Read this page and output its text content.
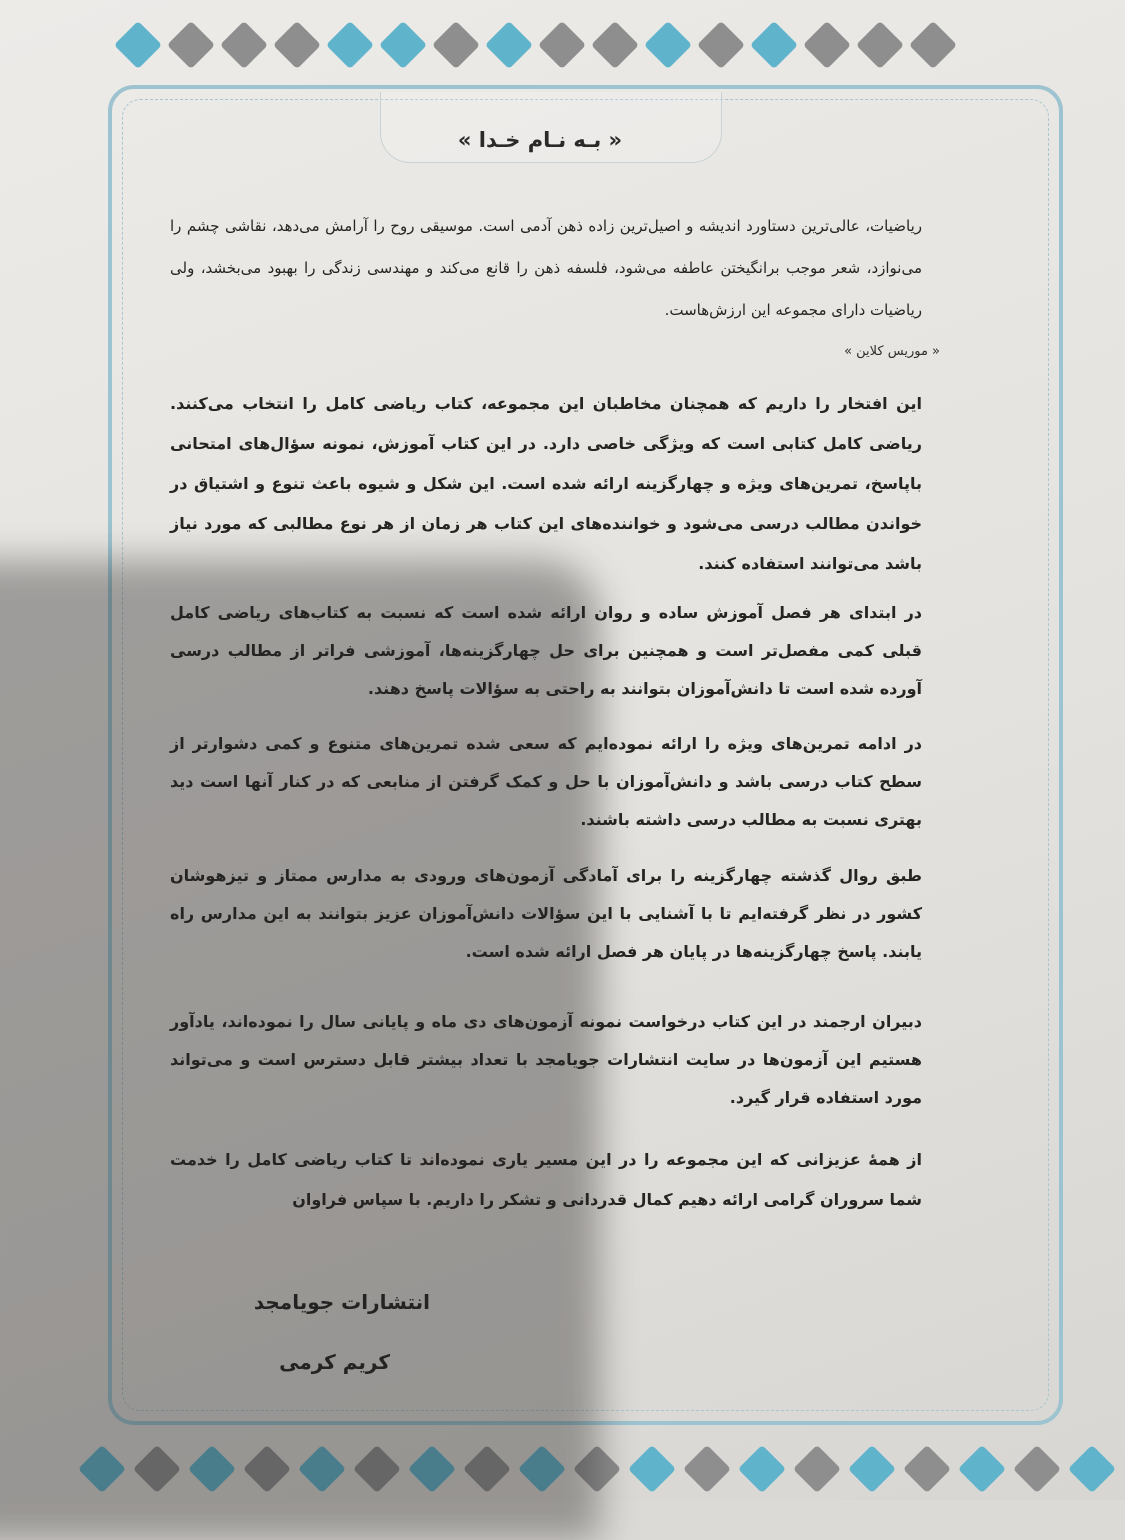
« بـه نـام خـدا »
ریاضیات، عالی‌ترین دستاورد اندیشه و اصیل‌ترین زاده ذهن آدمی است. موسیقی روح را آرامش می‌دهد، نقاشی چشم را می‌نوازد، شعر موجب برانگیختن عاطفه می‌شود، فلسفه ذهن را قانع می‌کند و مهندسی زندگی را بهبود می‌بخشد، ولی ریاضیات دارای مجموعه این ارزش‌هاست.
« موریس کلاین »
این افتخار را داریم که همچنان مخاطبان این مجموعه، کتاب ریاضی کامل را انتخاب می‌کنند. ریاضی کامل کتابی است که ویژگی خاصی دارد. در این کتاب آموزش، نمونه سؤال‌های امتحانی باپاسخ، تمرین‌های ویژه و چهارگزینه ارائه شده است. این شکل و شیوه باعث تنوع و اشتیاق در خواندن مطالب درسی می‌شود و خوانندەهای این کتاب هر زمان از هر نوع مطالبی که مورد نیاز باشد می‌توانند استفاده کنند.
در ابتدای هر فصل آموزش ساده و روان ارائه شده است که نسبت به کتاب‌های ریاضی کامل قبلی کمی مفصل‌تر است و همچنین برای حل چهارگزینه‌ها، آموزشی فراتر از مطالب درسی آورده شده است تا دانش‌آموزان بتوانند به راحتی به سؤالات پاسخ دهند.
در ادامه تمرین‌های ویژه را ارائه نموده‌ایم که سعی شده تمرین‌های متنوع و کمی دشوارتر از سطح کتاب درسی باشد و دانش‌آموزان با حل و کمک گرفتن از منابعی که در کنار آنها است دید بهتری نسبت به مطالب درسی داشته باشند.
طبق روال گذشته چهارگزینه را برای آمادگی آزمون‌های ورودی به مدارس ممتاز و تیزهوشان کشور در نظر گرفته‌ایم تا با آشنایی با این سؤالات دانش‌آموزان عزیز بتوانند به این مدارس راه یابند. پاسخ چهارگزینه‌ها در پایان هر فصل ارائه شده است.
دبیران ارجمند در این کتاب درخواست نمونه آزمون‌های دی ماه و پایانی سال را نموده‌اند، یادآور هستیم این آزمون‌ها در سایت انتشارات جویامجد با تعداد بیشتر قابل دسترس است و می‌تواند مورد استفاده قرار گیرد.
از همهٔ عزیزانی که این مجموعه را در این مسیر یاری نموده‌اند تا کتاب ریاضی کامل را خدمت شما سروران گرامی ارائه دهیم کمال قدردانی و تشکر را داریم. با سپاس فراوان
انتشارات جویامجد
کریم کرمی
